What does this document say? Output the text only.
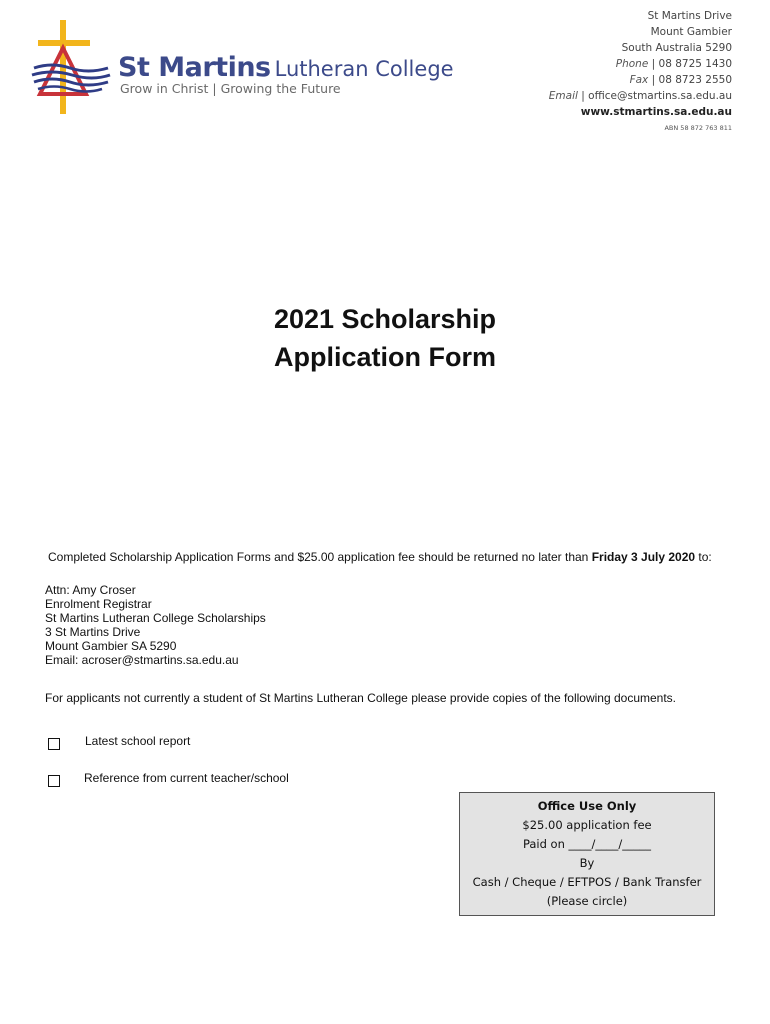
St Martins Lutheran College
Grow in Christ | Growing the Future
St Martins Drive
Mount Gambier
South Australia 5290
Phone | 08 8725 1430
Fax | 08 8723 2550
Email | office@stmartins.sa.edu.au
www.stmartins.sa.edu.au
ABN 58 872 763 811
2021 Scholarship
Application Form
Completed Scholarship Application Forms and $25.00 application fee should be returned no later than Friday 3 July 2020 to:
Attn: Amy Croser
Enrolment Registrar
St Martins Lutheran College Scholarships
3 St Martins Drive
Mount Gambier SA 5290
Email: acroser@stmartins.sa.edu.au
For applicants not currently a student of St Martins Lutheran College please provide copies of the following documents.
Latest school report
Reference from current teacher/school
Office Use Only
$25.00 application fee
Paid on ____/____/_____
By
Cash / Cheque / EFTPOS / Bank Transfer
(Please circle)
